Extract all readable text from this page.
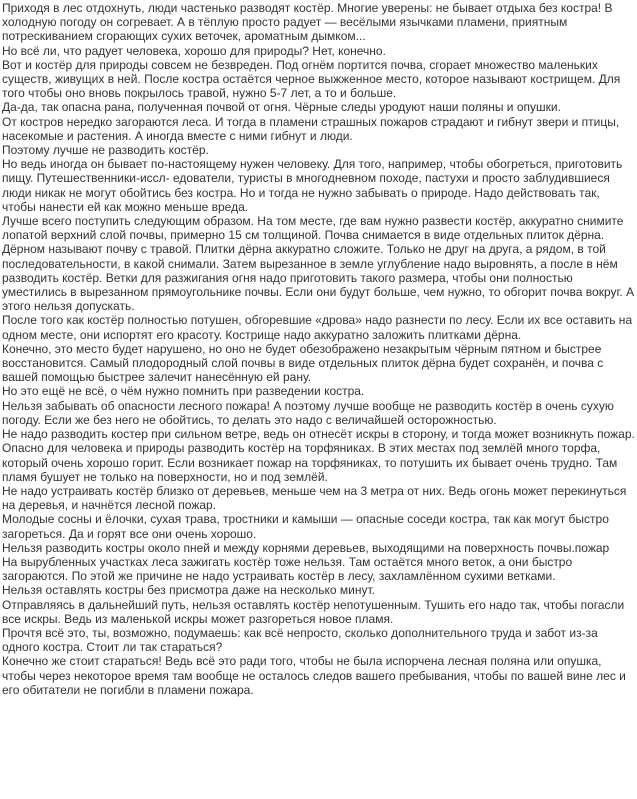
Приходя в лес отдохнуть, люди частенько разводят костёр. Многие уверены: не бывает отдыха без костра! В холодную погоду он согревает. А в тёплую просто радует — весёлыми язычками пламени, приятным потрескиванием сгорающих сухих веточек, ароматным дымком...

Но всё ли, что радует человека, хорошо для природы? Нет, конечно.

Вот и костёр для природы совсем не безвреден. Под огнём портится почва, сгорает множество маленьких существ, живущих в ней. После костра остаётся черное выжженное место, которое называют кострищем. Для того чтобы оно вновь покрылось травой, нужно 5-7 лет, а то и больше.

Да-да, так опасна рана, полученная почвой от огня. Чёрные следы уродуют наши поляны и опушки.

От костров нередко загораются леса. И тогда в пламени страшных пожаров страдают и гибнут звери и птицы, насекомые и растения. А иногда вместе с ними гибнут и люди.

Поэтому лучше не разводить костёр.

Но ведь иногда он бывает по-настоящему нужен человеку. Для того, например, чтобы обогреться, приготовить пищу. Путешественники-иссл- едователи, туристы в многодневном походе, пастухи и просто заблудившиеся люди никак не могут обойтись без костра. Но и тогда не нужно забывать о природе. Надо действовать так, чтобы нанести ей как можно меньше вреда.

Лучше всего поступить следующим образом. На том месте, где вам нужно развести костёр, аккуратно снимите лопатой верхний слой почвы, примерно 15 см толщиной. Почва снимается в виде отдельных плиток дёрна. Дёрном называют почву с травой. Плитки дёрна аккуратно сложите. Только не друг на друга, а рядом, в той последовательности, в какой снимали. Затем вырезанное в земле углубление надо выровнять, а после в нём разводить костёр. Ветки для разжигания огня надо приготовить такого размера, чтобы они полностью уместились в вырезанном прямоугольнике почвы. Если они будут больше, чем нужно, то обгорит почва вокруг. А этого нельзя допускать.

После того как костёр полностью потушен, обгоревшие «дрова» надо разнести по лесу. Если их все оставить на одном месте, они испортят его красоту. Кострище надо аккуратно заложить плитками дёрна.

Конечно, это место будет нарушено, но оно не будет обезображено незакрытым чёрным пятном и быстрее восстановится. Самый плодородный слой почвы в виде отдельных плиток дёрна будет сохранён, и почва с вашей помощью быстрее залечит нанесённую ей рану.

Но это ещё не всё, о чём нужно помнить при разведении костра.

Нельзя забывать об опасности лесного пожара! А поэтому лучше вообще не разводить костёр в очень сухую погоду. Если же без него не обойтись, то делать это надо с величайшей осторожностью.

Не надо разводить костер при сильном ветре, ведь он отнесёт искры в сторону, и тогда может возникнуть пожар.

Опасно для человека и природы разводить костёр на торфяниках. В этих местах под землёй много торфа, который очень хорошо горит. Если возникает пожар на торфяниках, то потушить их бывает очень трудно. Там пламя бушует не только на поверхности, но и под землёй.

Не надо устраивать костёр близко от деревьев, меньше чем на 3 метра от них. Ведь огонь может перекинуться на деревья, и начнётся лесной пожар.

Молодые сосны и ёлочки, сухая трава, тростники и камыши — опасные соседи костра, так как могут быстро загореться. Да и горят все они очень хорошо.

Нельзя разводить костры около пней и между корнями деревьев, выходящими на поверхность почвы.пожар

На вырубленных участках леса зажигать костёр тоже нельзя. Там остаётся много веток, а они быстро загораются. По этой же причине не надо устраивать костёр в лесу, захламлённом сухими ветками.

Нельзя оставлять костры без присмотра даже на несколько минут.

Отправляясь в дальнейший путь, нельзя оставлять костёр непотушенным. Тушить его надо так, чтобы погасли все искры. Ведь из маленькой искры может разгореться новое пламя.

Прочтя всё это, ты, возможно, подумаешь: как всё непросто, сколько дополнительного труда и забот из-за одного костра. Стоит ли так стараться?

Конечно же стоит стараться! Ведь всё это ради того, чтобы не была испорчена лесная поляна или опушка, чтобы через некоторое время там вообще не осталось следов вашего пребывания, чтобы по вашей вине лес и его обитатели не погибли в пламени пожара.
